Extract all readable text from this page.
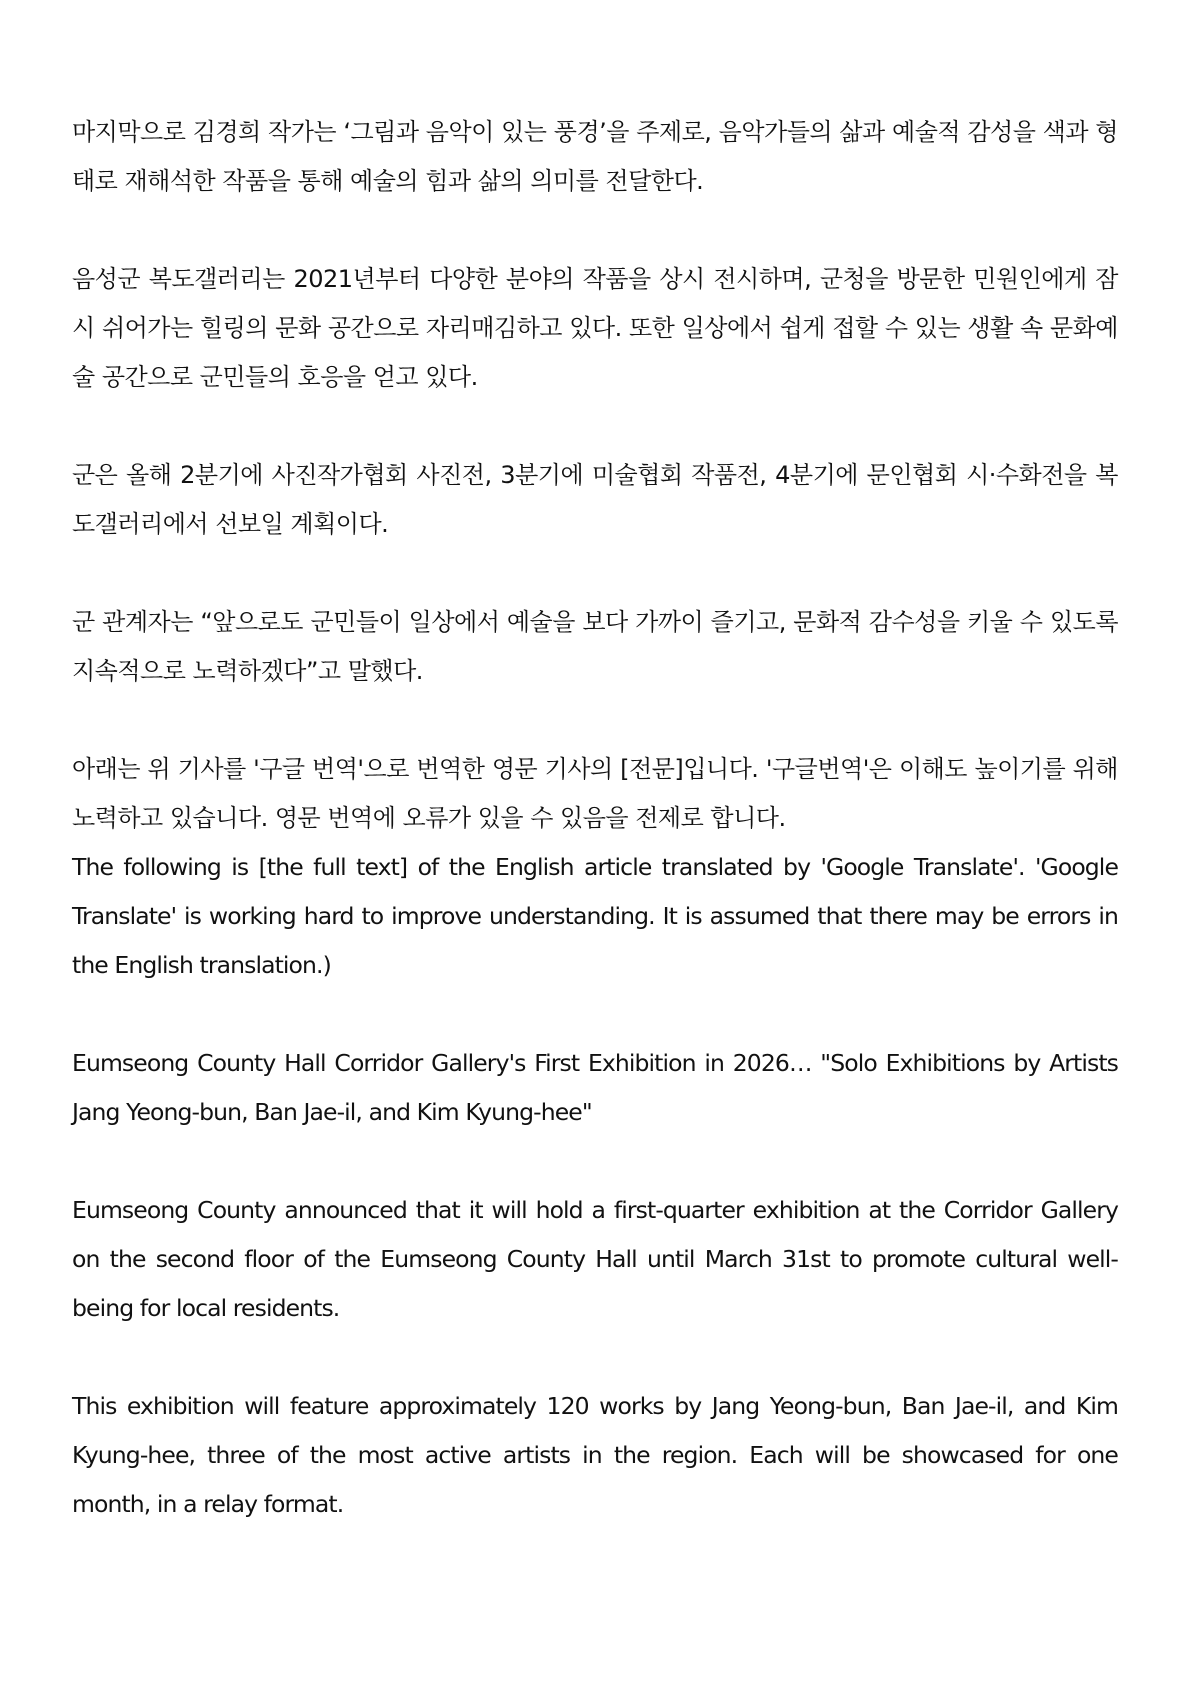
마지막으로 김경희 작가는 ‘그림과 음악이 있는 풍경’을 주제로, 음악가들의 삶과 예술적 감성을 색과 형태로 재해석한 작품을 통해 예술의 힘과 삶의 의미를 전달한다.

음성군 복도갤러리는 2021년부터 다양한 분야의 작품을 상시 전시하며, 군청을 방문한 민원인에게 잠시 쉬어가는 힐링의 문화 공간으로 자리매김하고 있다. 또한 일상에서 쉽게 접할 수 있는 생활 속 문화예술 공간으로 군민들의 호응을 얻고 있다.

군은 올해 2분기에 사진작가협회 사진전, 3분기에 미술협회 작품전, 4분기에 문인협회 시·수화전을 복도갤러리에서 선보일 계획이다.

군 관계자는 “앞으로도 군민들이 일상에서 예술을 보다 가까이 즐기고, 문화적 감수성을 키울 수 있도록 지속적으로 노력하겠다”고 말했다.

아래는 위 기사를 '구글 번역'으로 번역한 영문 기사의 [전문]입니다. '구글번역'은 이해도 높이기를 위해 노력하고 있습니다. 영문 번역에 오류가 있을 수 있음을 전제로 합니다.

The following is [the full text] of the English article translated by 'Google Translate'. 'Google Translate' is working hard to improve understanding. It is assumed that there may be errors in the English translation.)

Eumseong County Hall Corridor Gallery's First Exhibition in 2026… "Solo Exhibitions by Artists Jang Yeong-bun, Ban Jae-il, and Kim Kyung-hee"

Eumseong County announced that it will hold a first-quarter exhibition at the Corridor Gallery on the second floor of the Eumseong County Hall until March 31st to promote cultural well-being for local residents.

This exhibition will feature approximately 120 works by Jang Yeong-bun, Ban Jae-il, and Kim Kyung-hee, three of the most active artists in the region. Each will be showcased for one month, in a relay format.
